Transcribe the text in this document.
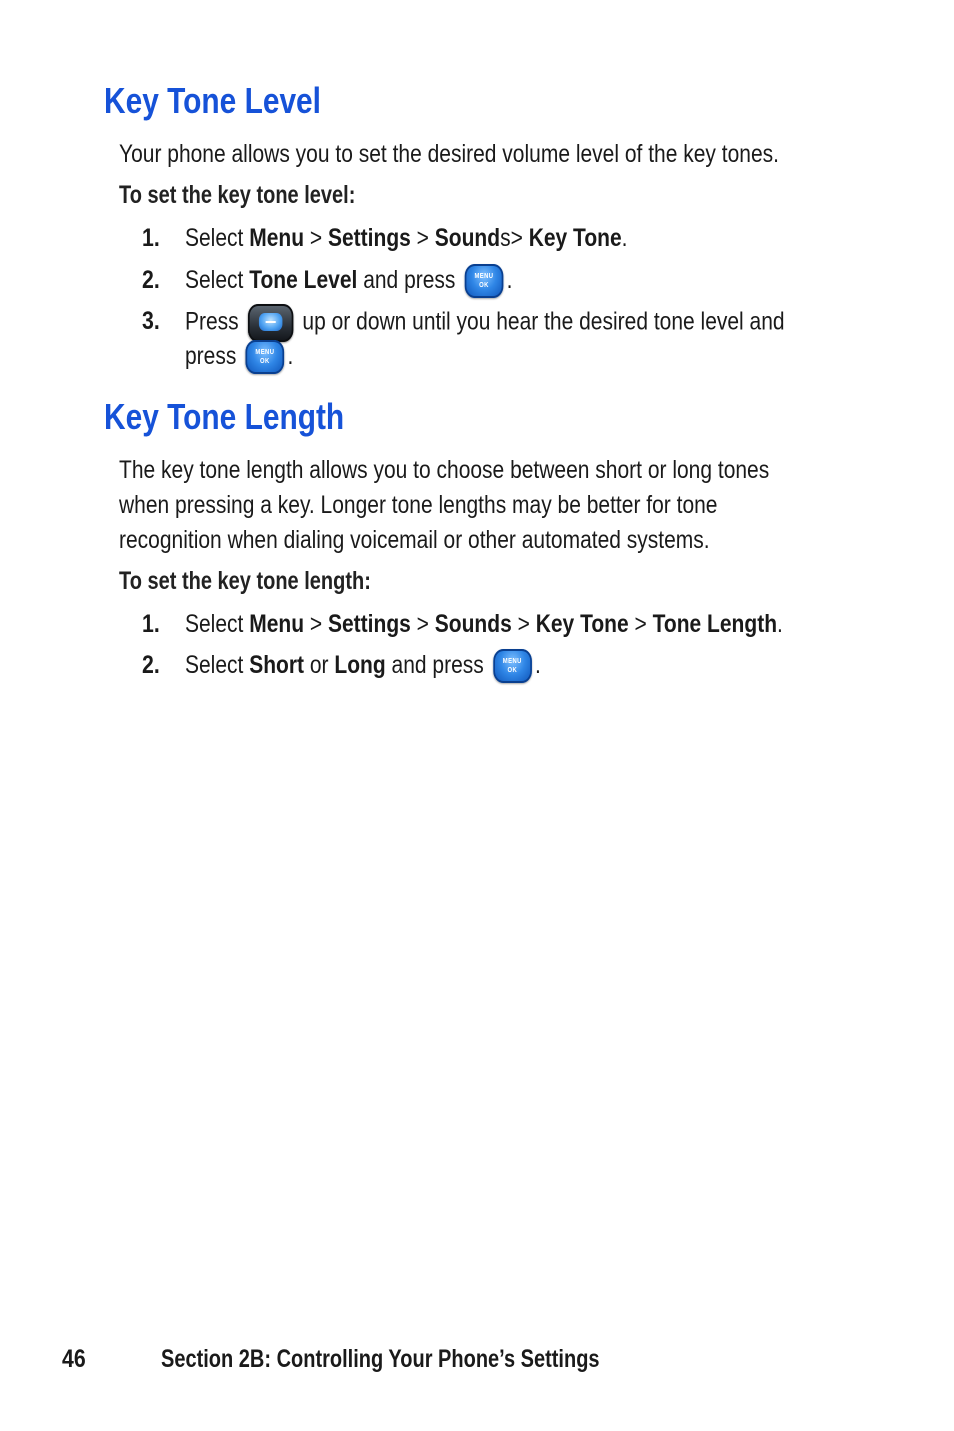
Key Tone Level
Your phone allows you to set the desired volume level of the key tones.
To set the key tone level:
1. Select Menu > Settings > Sounds> Key Tone.
2. Select Tone Level and press	MENU
OK .
3. Press
up or down until you hear the desired tone level and
press	MENU
OK .
Key Tone Length
The key tone length allows you to choose between short or long tones
when pressing a key. Longer tone lengths may be better for tone
recognition when dialing voicemail or other automated systems.
To set the key tone length:
1. Select Menu > Settings > Sounds > Key Tone > Tone Length.
2. Select Short or Long and press	MENU
OK .
46	Section 2B: Controlling Your Phone’s Settings
